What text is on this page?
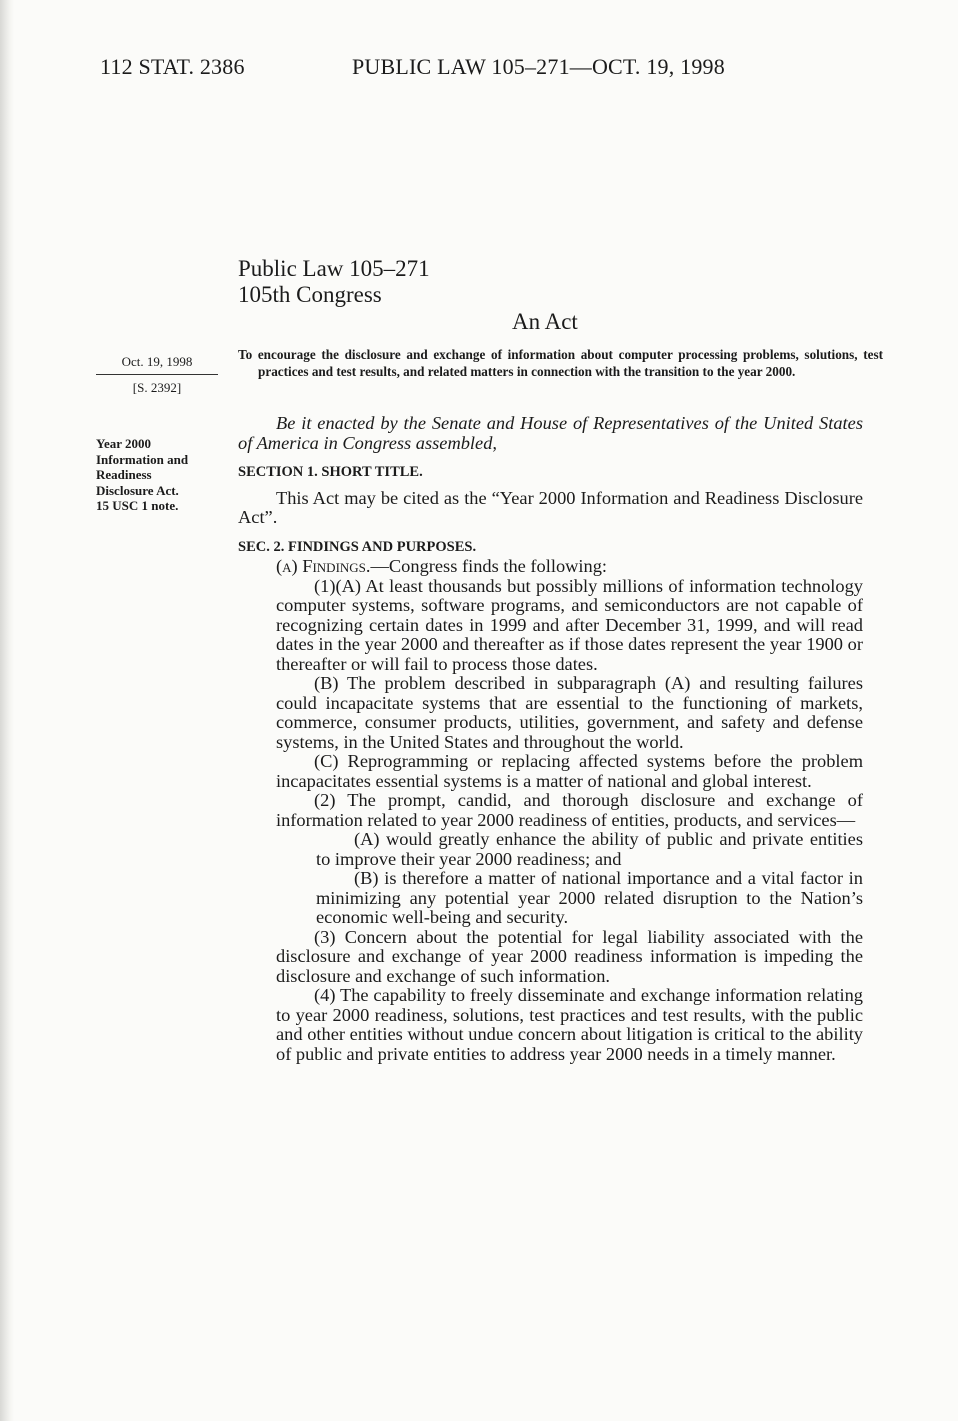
112 STAT. 2386	PUBLIC LAW 105–271—OCT. 19, 1998
Public Law 105–271
105th Congress
An Act
Oct. 19, 1998
[S. 2392]
Year 2000
Information and
Readiness
Disclosure Act.
15 USC 1 note.
To encourage the disclosure and exchange of information about computer processing problems, solutions, test practices and test results, and related matters in connection with the transition to the year 2000.

Be it enacted by the Senate and House of Representatives of the United States of America in Congress assembled,

SECTION 1. SHORT TITLE.

This Act may be cited as the “Year 2000 Information and Readiness Disclosure Act”.

SEC. 2. FINDINGS AND PURPOSES.

(a) Findings.—Congress finds the following:

(1)(A) At least thousands but possibly millions of information technology computer systems, software programs, and semiconductors are not capable of recognizing certain dates in 1999 and after December 31, 1999, and will read dates in the year 2000 and thereafter as if those dates represent the year 1900 or thereafter or will fail to process those dates.

(B) The problem described in subparagraph (A) and resulting failures could incapacitate systems that are essential to the functioning of markets, commerce, consumer products, utilities, government, and safety and defense systems, in the United States and throughout the world.

(C) Reprogramming or replacing affected systems before the problem incapacitates essential systems is a matter of national and global interest.

(2) The prompt, candid, and thorough disclosure and exchange of information related to year 2000 readiness of entities, products, and services—

(A) would greatly enhance the ability of public and private entities to improve their year 2000 readiness; and

(B) is therefore a matter of national importance and a vital factor in minimizing any potential year 2000 related disruption to the Nation’s economic well-being and security.

(3) Concern about the potential for legal liability associated with the disclosure and exchange of year 2000 readiness information is impeding the disclosure and exchange of such information.

(4) The capability to freely disseminate and exchange information relating to year 2000 readiness, solutions, test practices and test results, with the public and other entities without undue concern about litigation is critical to the ability of public and private entities to address year 2000 needs in a timely manner.
